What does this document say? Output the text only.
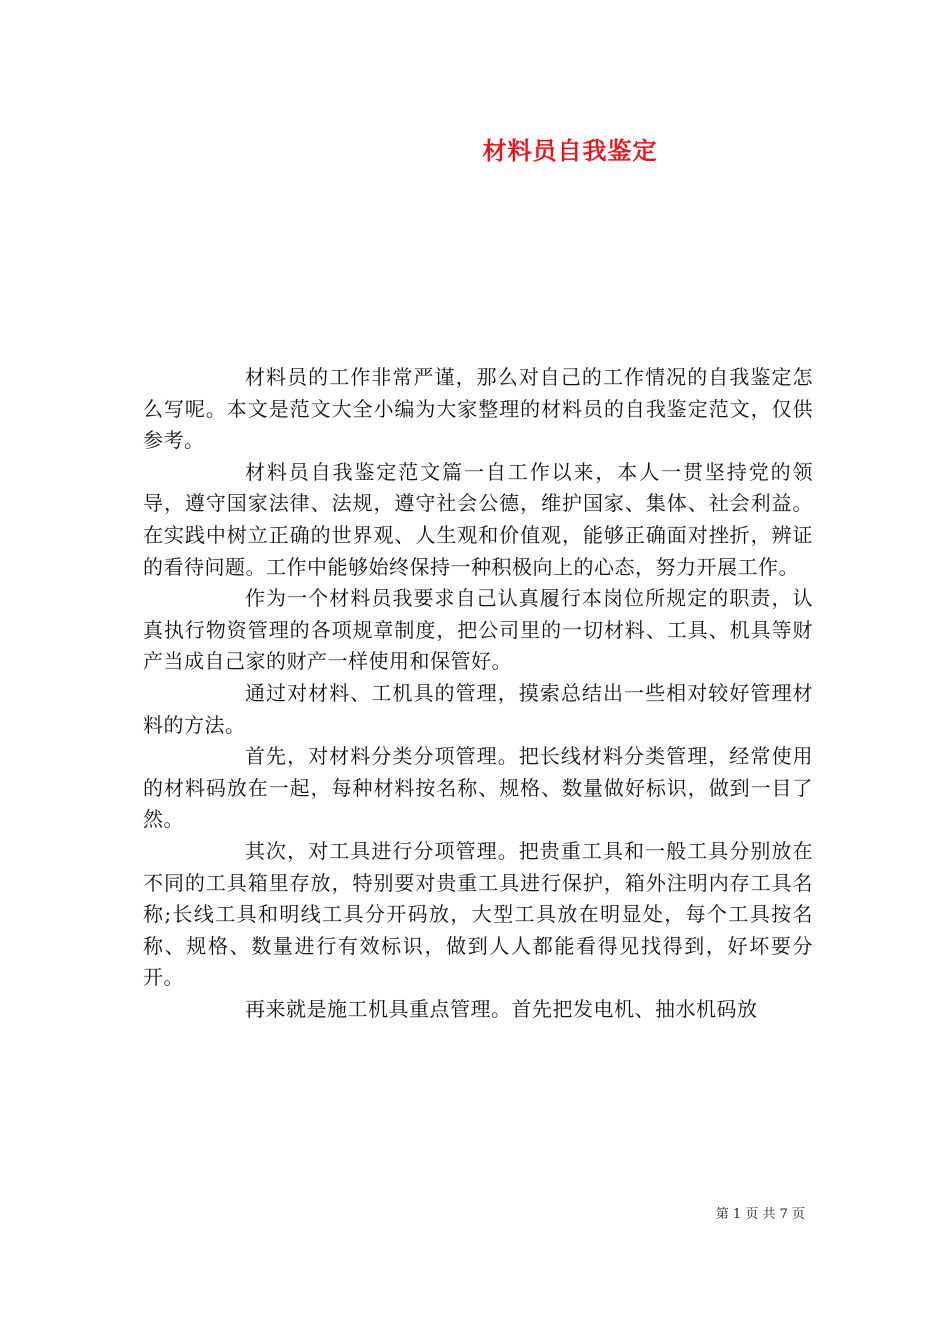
材料员自我鉴定

材料员的工作非常严谨，那么对自己的工作情况的自我鉴定怎么写呢。本文是范文大全小编为大家整理的材料员的自我鉴定范文，仅供参考。

材料员自我鉴定范文篇一自工作以来，本人一贯坚持党的领导，遵守国家法律、法规，遵守社会公德，维护国家、集体、社会利益。在实践中树立正确的世界观、人生观和价值观，能够正确面对挫折，辨证的看待问题。工作中能够始终保持一种积极向上的心态，努力开展工作。

作为一个材料员我要求自己认真履行本岗位所规定的职责，认真执行物资管理的各项规章制度，把公司里的一切材料、工具、机具等财产当成自己家的财产一样使用和保管好。

通过对材料、工机具的管理，摸索总结出一些相对较好管理材料的方法。

首先，对材料分类分项管理。把长线材料分类管理，经常使用的材料码放在一起，每种材料按名称、规格、数量做好标识，做到一目了然。

其次，对工具进行分项管理。把贵重工具和一般工具分别放在不同的工具箱里存放，特别要对贵重工具进行保护，箱外注明内存工具名称;长线工具和明线工具分开码放，大型工具放在明显处，每个工具按名称、规格、数量进行有效标识，做到人人都能看得见找得到，好坏要分开。

再来就是施工机具重点管理。首先把发电机、抽水机码放

第 1 页 共 7 页
